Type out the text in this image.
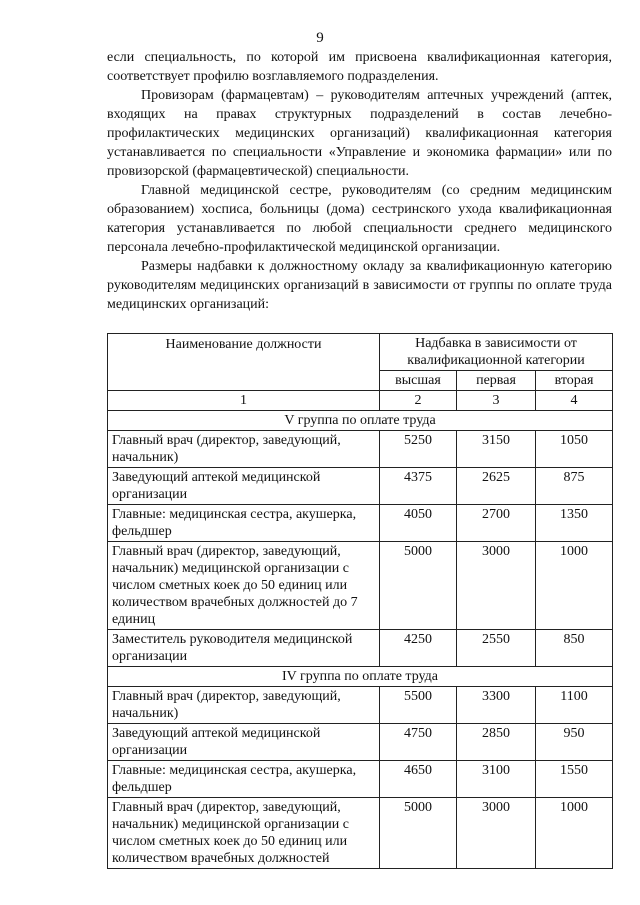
9

если специальность, по которой им присвоена квалификационная категория, соответствует профилю возглавляемого подразделения.

Провизорам (фармацевтам) – руководителям аптечных учреждений (аптек, входящих на правах структурных подразделений в состав лечебно-профилактических медицинских организаций) квалификационная категория устанавливается по специальности «Управление и экономика фармации» или по провизорской (фармацевтической) специальности.

Главной медицинской сестре, руководителям (со средним медицинским образованием) хосписа, больницы (дома) сестринского ухода квалификационная категория устанавливается по любой специальности среднего медицинского персонала лечебно-профилактической медицинской организации.

Размеры надбавки к должностному окладу за квалификационную категорию руководителям медицинских организаций в зависимости от группы по оплате труда медицинских организаций:

Наименование должности	Надбавка в зависимости от квалификационной категории		
	высшая	первая	вторая
1	2	3	4
V группа по оплате труда			
Главный врач (директор, заведующий, начальник)	5250	3150	1050
Заведующий аптекой медицинской организации	4375	2625	875
Главные: медицинская сестра, акушерка, фельдшер	4050	2700	1350
Главный врач (директор, заведующий, начальник) медицинской организации с числом сметных коек до 50 единиц или количеством врачебных должностей до 7 единиц	5000	3000	1000
Заместитель руководителя медицинской организации	4250	2550	850
IV группа по оплате труда			
Главный врач (директор, заведующий, начальник)	5500	3300	1100
Заведующий аптекой медицинской организации	4750	2850	950
Главные: медицинская сестра, акушерка, фельдшер	4650	3100	1550
Главный врач (директор, заведующий, начальник) медицинской организации с числом сметных коек до 50 единиц или количеством врачебных должностей	5000	3000	1000
